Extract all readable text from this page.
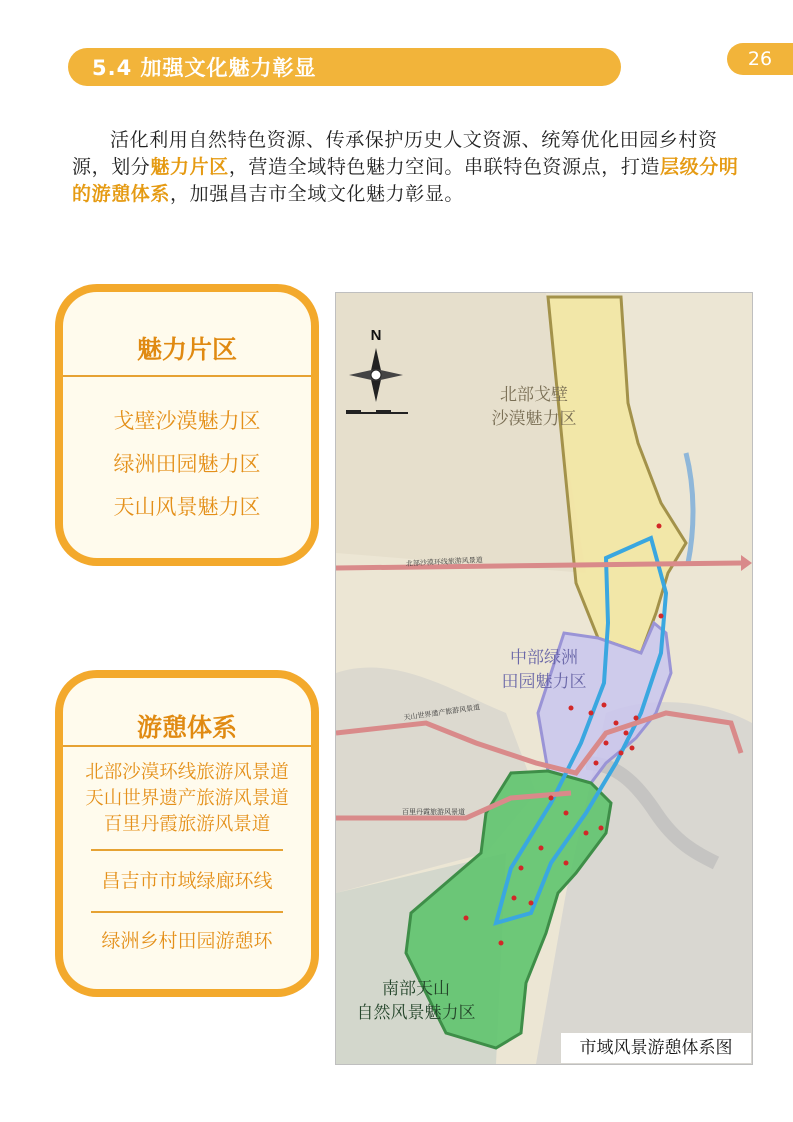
5.4 加强文化魅力彰显	26

活化利用自然特色资源、传承保护历史人文资源、统筹优化田园乡村资源，划分魅力片区，营造全域特色魅力空间。串联特色资源点，打造层级分明的游憩体系，加强昌吉市全域文化魅力彰显。

魅力片区
戈壁沙漠魅力区
绿洲田园魅力区
天山风景魅力区
游憩体系
北部沙漠环线旅游风景道
天山世界遗产旅游风景道
百里丹霞旅游风景道
昌吉市市域绿廊环线
绿洲乡村田园游憩环
N
北部戈壁
沙漠魅力区
中部绿洲
田园魅力区
南部天山
自然风景魅力区
北部沙漠环线旅游风景道
天山世界遗产旅游风景道
百里丹霞旅游风景道
市域风景游憩体系图
